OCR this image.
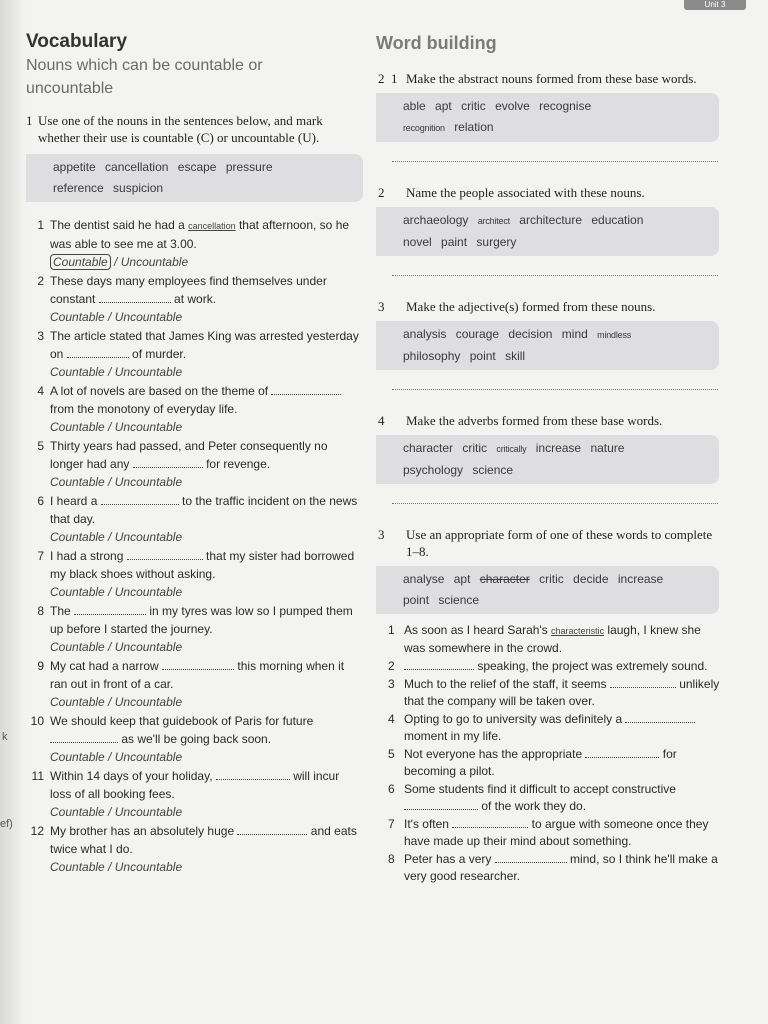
Unit 3
k
ef)
Vocabulary

Nouns which can be countable or uncountable

1 Use one of the nouns in the sentences below, and mark whether their use is countable (C) or uncountable (U).
appetite cancellation escape pressure
reference suspicion
1 The dentist said he had a cancellation that afternoon, so he was able to see me at 3.00.
Countable / Uncountable
2 These days many employees find themselves under constant	at work.
Countable / Uncountable
3 The article stated that James King was arrested yesterday on	of murder.
Countable / Uncountable
4 A lot of novels are based on the theme of  from the monotony of everyday life.
Countable / Uncountable
5 Thirty years had passed, and Peter consequently no longer had any	for revenge.
Countable / Uncountable
6 I heard a	to the traffic incident on the news that day.
Countable / Uncountable
7 I had a strong	that my sister had borrowed my black shoes without asking.
Countable / Uncountable
8 The	in my tyres was low so I pumped them up before I started the journey.
Countable / Uncountable
9 My cat had a narrow	this morning when it ran out in front of a car.
Countable / Uncountable
10 We should keep that guidebook of Paris for future  as we'll be going back soon.
Countable / Uncountable
11 Within 14 days of your holiday,	will incur loss of all booking fees.
Countable / Uncountable
12 My brother has an absolutely huge	and eats twice what I do.
Countable / Uncountable
Word building
2 1 Make the abstract nouns formed from these base words.
able apt critic evolve recognise
recognition relation
2	Name the people associated with these nouns.
archaeology architect architecture education
novel paint surgery
3	Make the adjective(s) formed from these nouns.
analysis courage decision mind mindless
philosophy point skill
4	Make the adverbs formed from these base words.
character critic critically increase nature
psychology science
3	Use an appropriate form of one of these words to complete 1–8.
analyse apt character critic decide increase
point science
1 As soon as I heard Sarah's characteristic laugh, I knew she was somewhere in the crowd.
2	speaking, the project was extremely sound.
3 Much to the relief of the staff, it seems	unlikely that the company will be taken over.
4 Opting to go to university was definitely a  moment in my life.
5 Not everyone has the appropriate	for becoming a pilot.
6 Some students find it difficult to accept constructive  of the work they do.
7 It's often	to argue with someone once they have made up their mind about something.
8 Peter has a very	mind, so I think he'll make a very good researcher.
